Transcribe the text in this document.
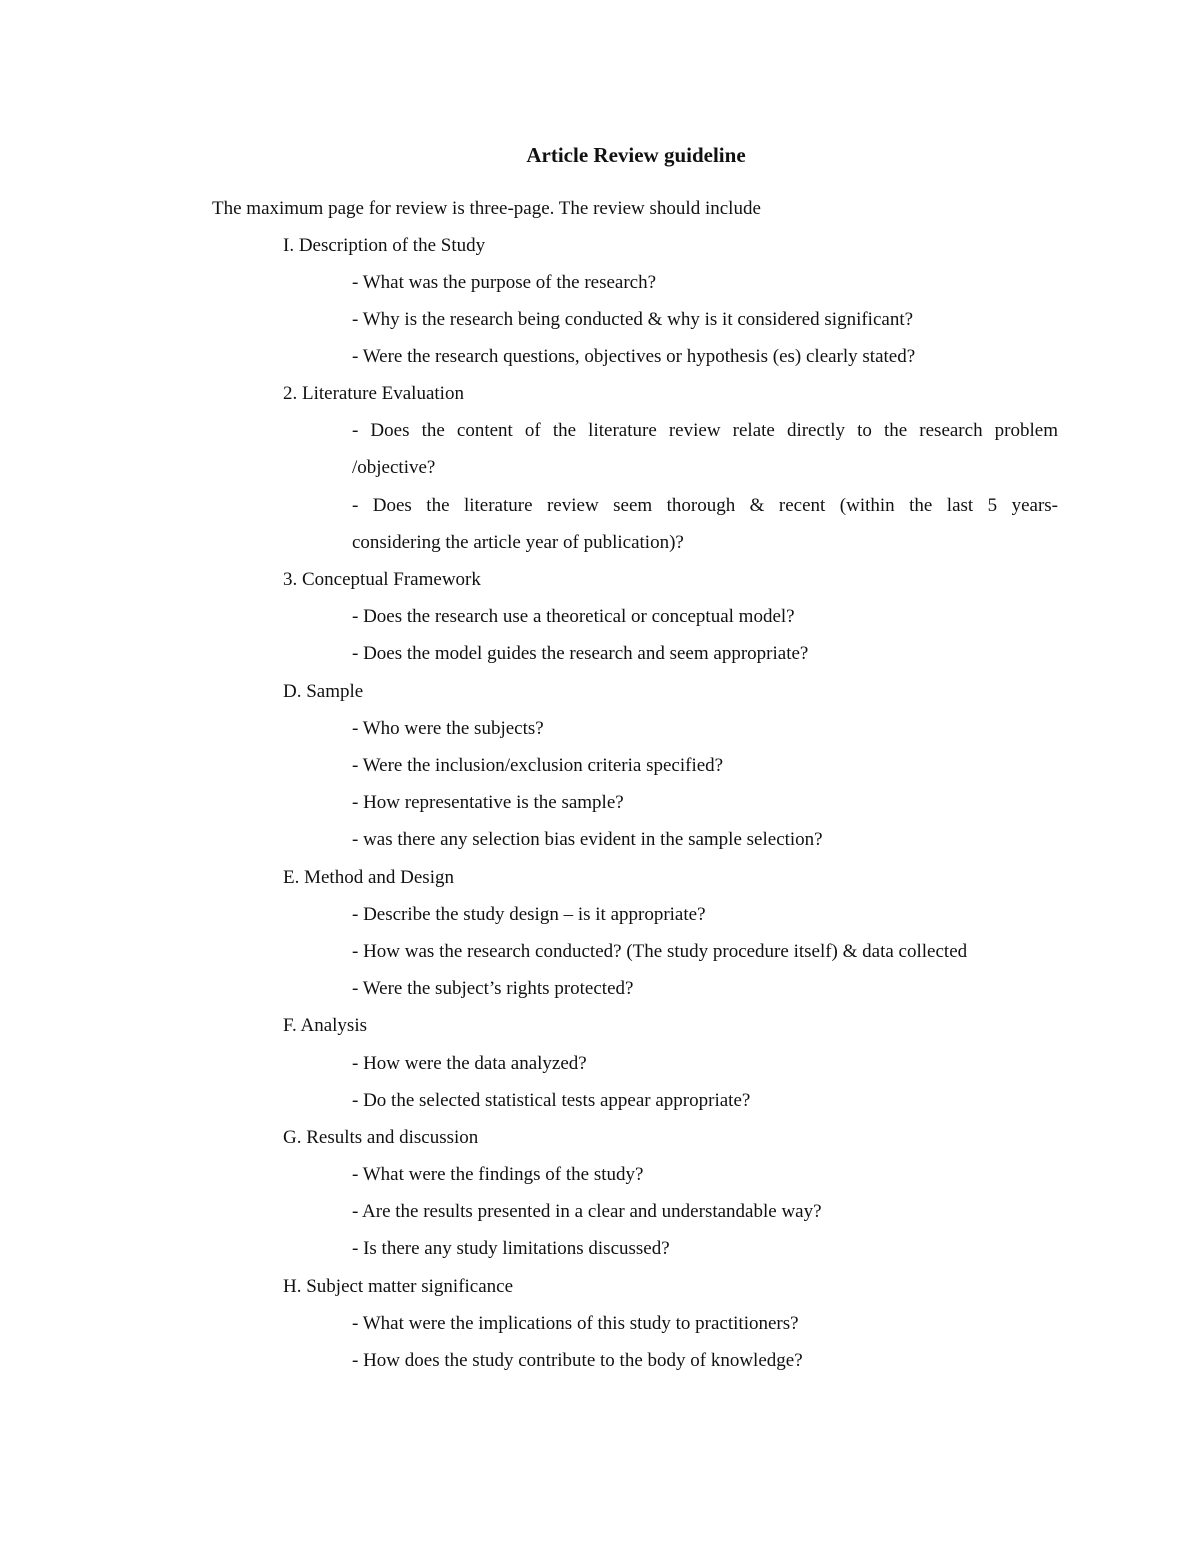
Article Review guideline
The maximum page for review is three-page. The review should include
I. Description of the Study
- What was the purpose of the research?
- Why is the research being conducted & why is it considered significant?
- Were the research questions, objectives or hypothesis (es) clearly stated?
2. Literature Evaluation
- Does the content of the literature review relate directly to the research problem
/objective?
- Does the literature review seem thorough & recent (within the last 5 years-
considering the article year of publication)?
3. Conceptual Framework
- Does the research use a theoretical or conceptual model?
- Does the model guides the research and seem appropriate?
D. Sample
- Who were the subjects?
- Were the inclusion/exclusion criteria specified?
- How representative is the sample?
- was there any selection bias evident in the sample selection?
E. Method and Design
- Describe the study design – is it appropriate?
- How was the research conducted? (The study procedure itself) & data collected
- Were the subject’s rights protected?
F. Analysis
- How were the data analyzed?
- Do the selected statistical tests appear appropriate?
G. Results and discussion
- What were the findings of the study?
- Are the results presented in a clear and understandable way?
- Is there any study limitations discussed?
H. Subject matter significance
- What were the implications of this study to practitioners?
- How does the study contribute to the body of knowledge?
